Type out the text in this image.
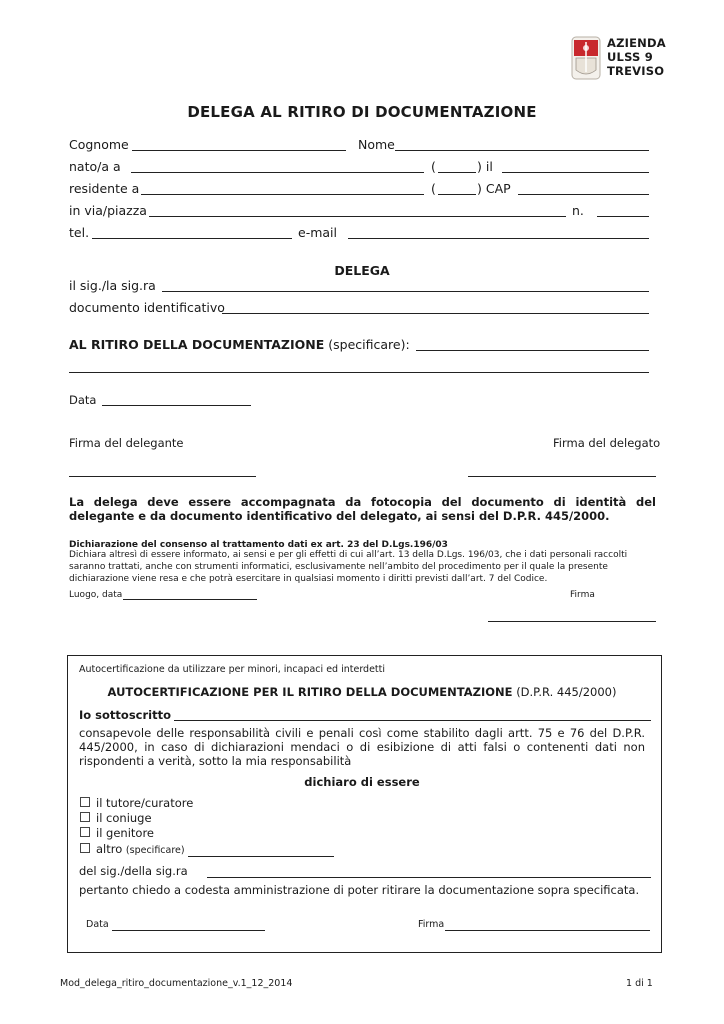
AZIENDA
ULSS 9
TREVISO
DELEGA AL RITIRO DI DOCUMENTAZIONE
Cognome	Nome
nato/a a	(	) il
residente a	(	) CAP
in via/piazza	n.
tel.	e-mail
DELEGA
il sig./la sig.ra
documento identificativo
AL RITIRO DELLA DOCUMENTAZIONE (specificare):
Data
Firma del delegante	Firma del delegato
La delega deve essere accompagnata da fotocopia del documento di identità del delegante e da documento identificativo del delegato, ai sensi del D.P.R. 445/2000.
Dichiarazione del consenso al trattamento dati ex art. 23 del D.Lgs.196/03
Dichiara altresì di essere informato, ai sensi e per gli effetti di cui all’art. 13 della D.Lgs. 196/03, che i dati personali raccolti saranno trattati, anche con strumenti informatici, esclusivamente nell’ambito del procedimento per il quale la presente dichiarazione viene resa e che potrà esercitare in qualsiasi momento i diritti previsti dall’art. 7 del Codice.
Luogo, data	Firma
Autocertificazione da utilizzare per minori, incapaci ed interdetti
AUTOCERTIFICAZIONE PER IL RITIRO DELLA DOCUMENTAZIONE (D.P.R. 445/2000)
Io sottoscritto
consapevole delle responsabilità civili e penali così come stabilito dagli artt. 75 e 76 del D.P.R. 445/2000, in caso di dichiarazioni mendaci o di esibizione di atti falsi o contenenti dati non rispondenti a verità, sotto la mia responsabilità
dichiaro di essere
il tutore/curatore
il coniuge
il genitore
altro (specificare)
del sig./della sig.ra
pertanto chiedo a codesta amministrazione di poter ritirare la documentazione sopra specificata.
Data	Firma
Mod_delega_ritiro_documentazione_v.1_12_2014	1 di 1
